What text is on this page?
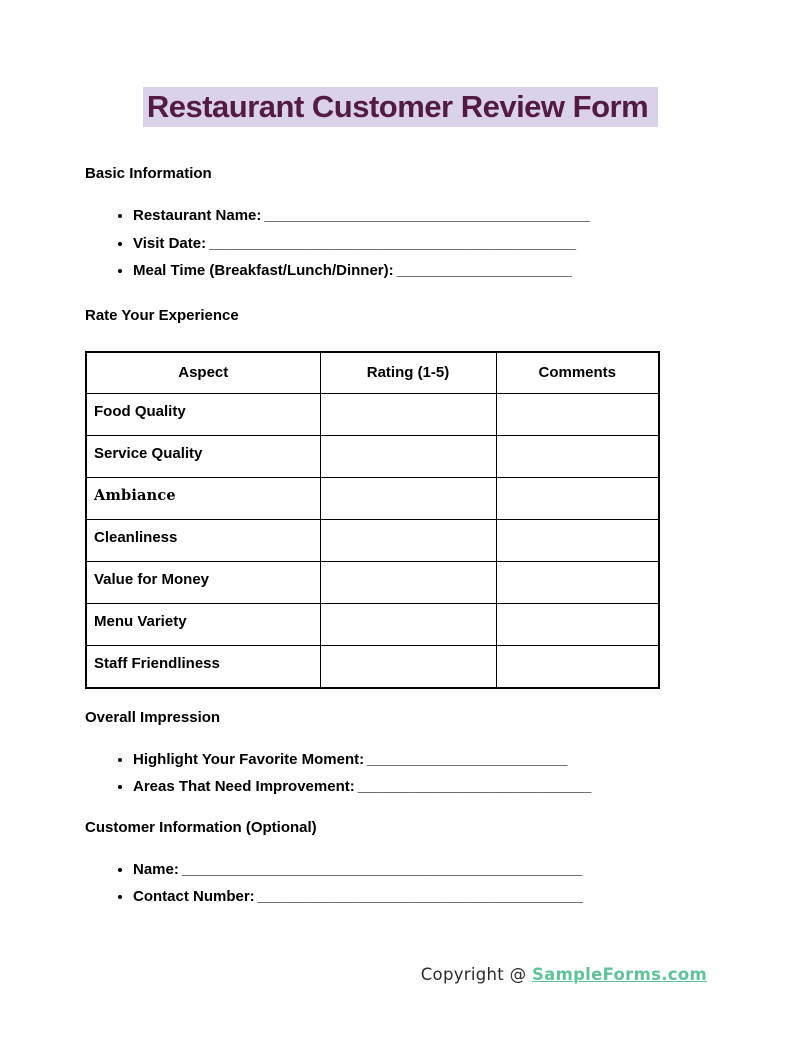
Restaurant Customer Review Form
Basic Information
• Restaurant Name: _______________________________________
• Visit Date: ____________________________________________
• Meal Time (Breakfast/Lunch/Dinner): _____________________
Rate Your Experience
Aspect	Rating (1-5)	Comments
Food Quality		
Service Quality		
Ambiance		
Cleanliness		
Value for Money		
Menu Variety		
Staff Friendliness		
Overall Impression
• Highlight Your Favorite Moment: ________________________
• Areas That Need Improvement: ____________________________
Customer Information (Optional)
• Name: ________________________________________________
• Contact Number: _______________________________________
Copyright @ SampleForms.com
